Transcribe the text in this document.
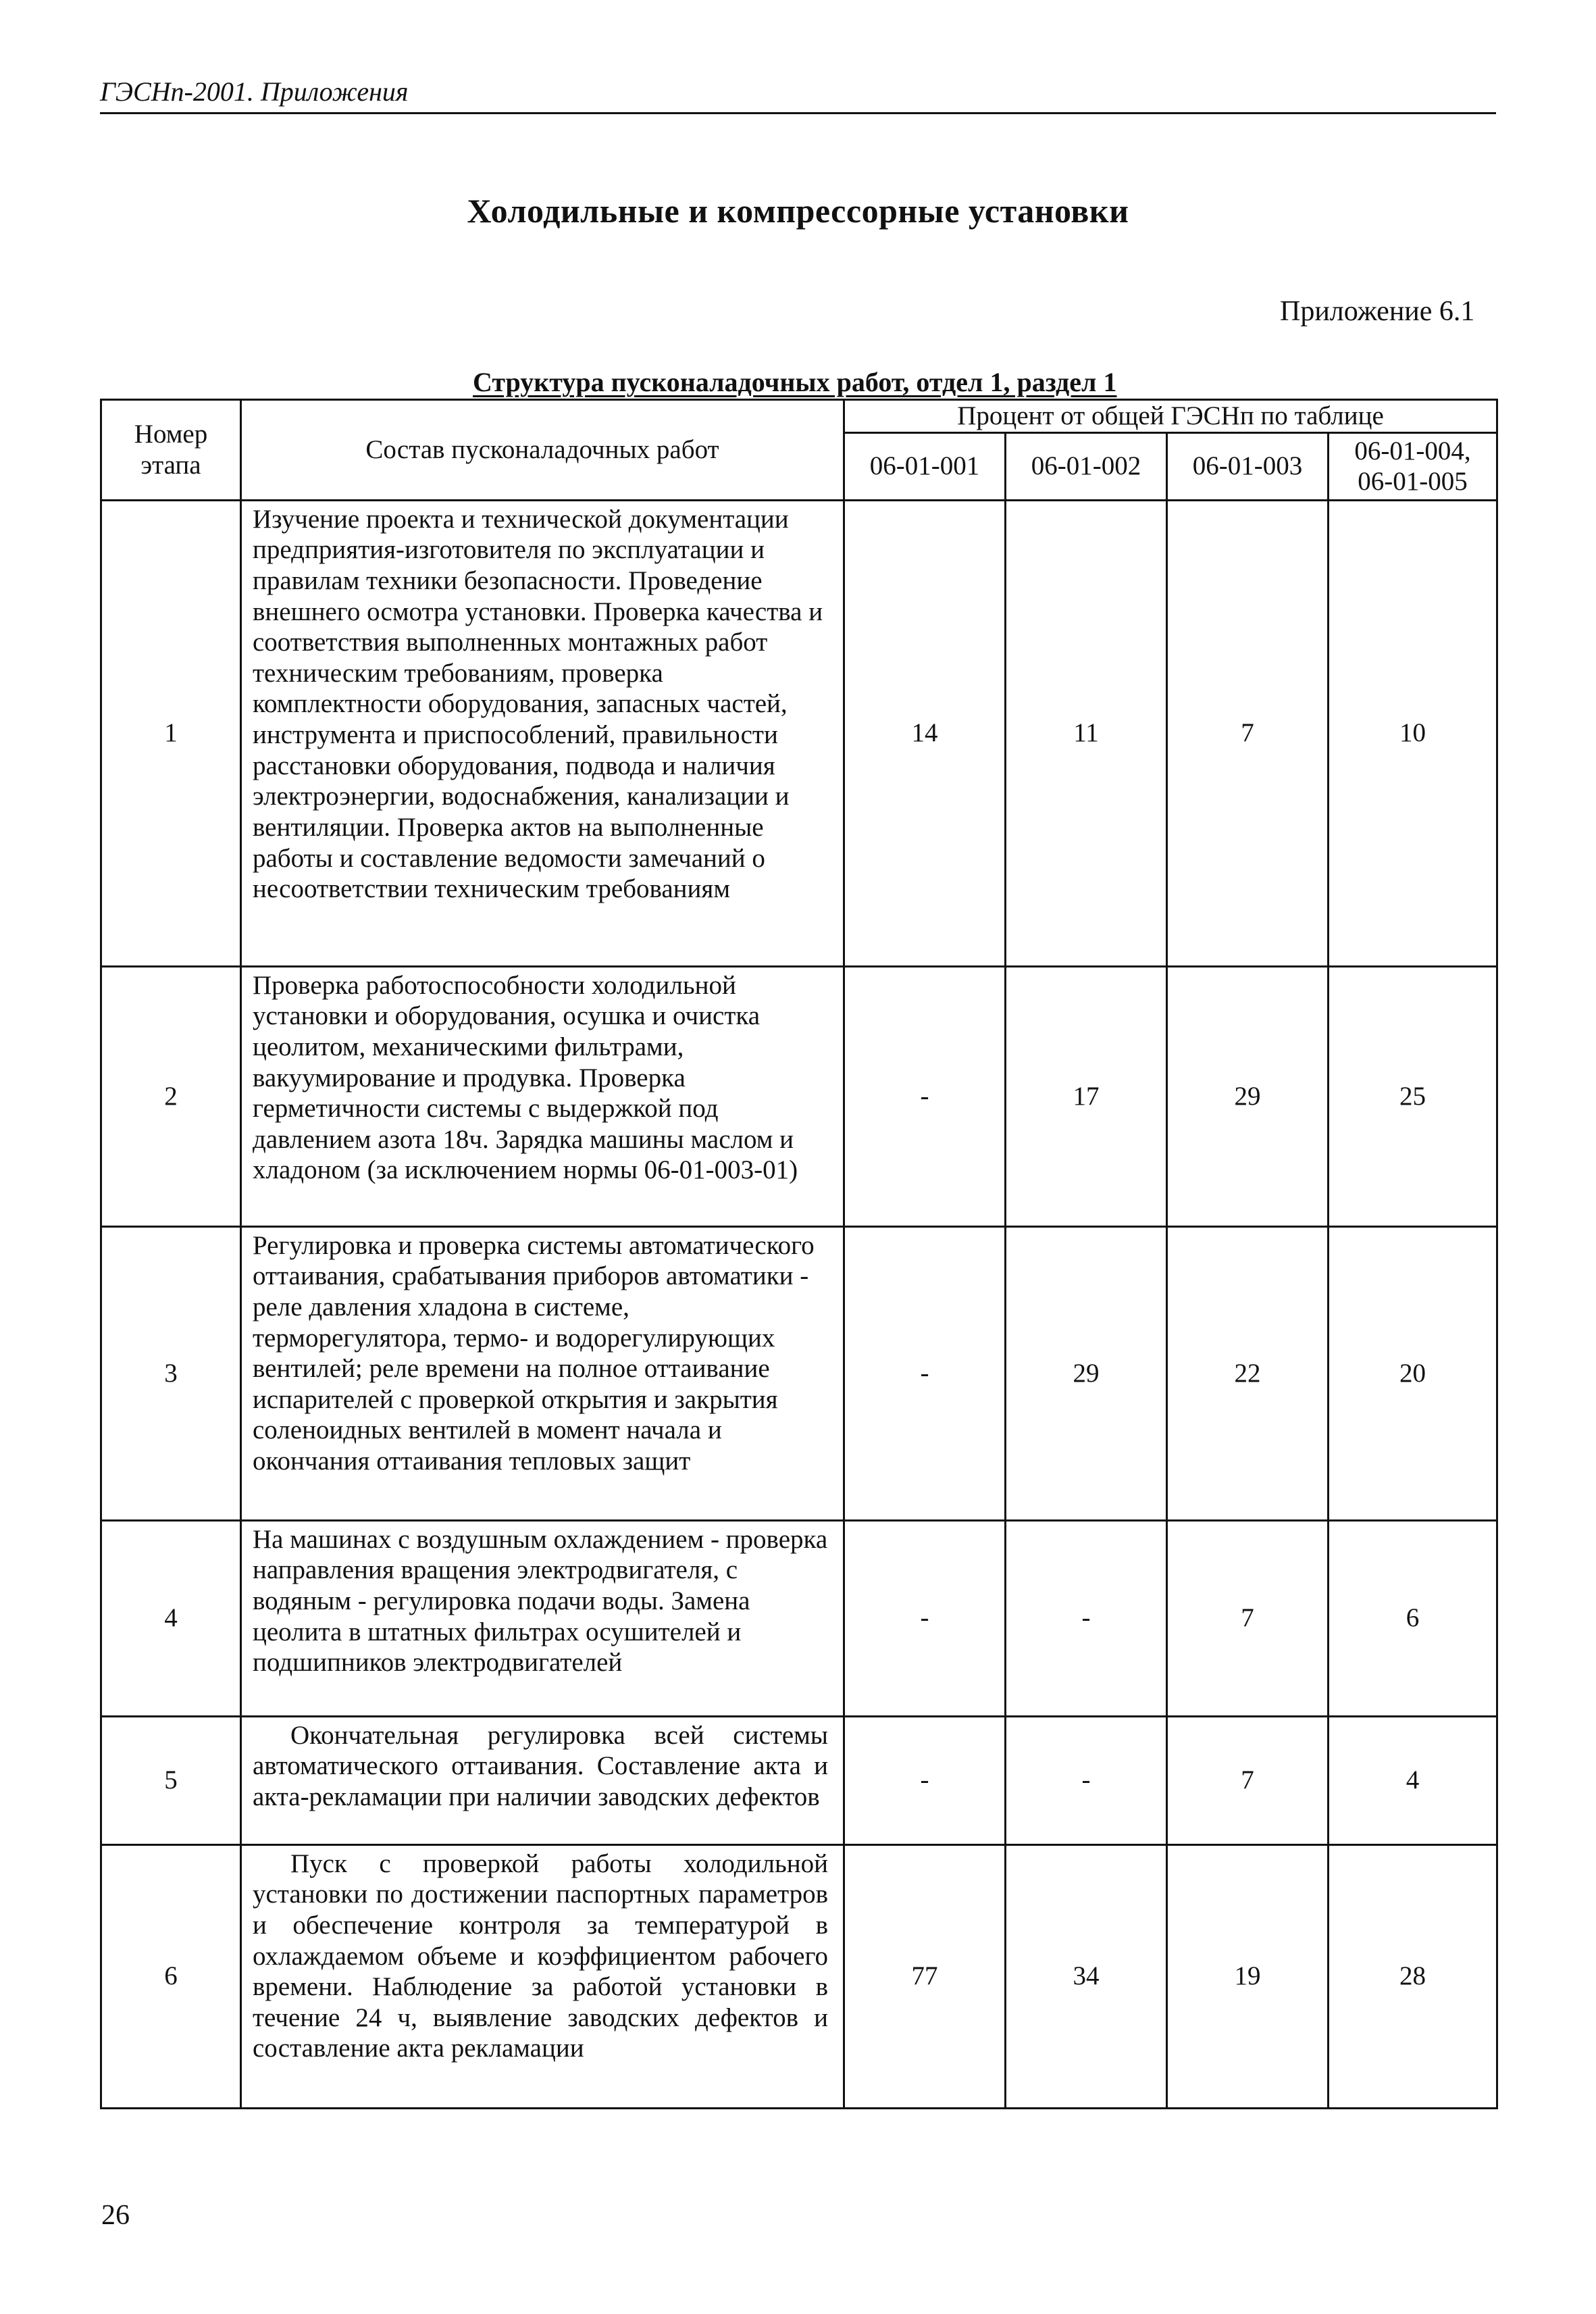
ГЭСНп-2001. Приложения
Холодильные и компрессорные установки
Приложение 6.1
Структура пусконаладочных работ, отдел 1, раздел 1
Номер этапа	Состав пусконаладочных работ	Процент от общей ГЭСНп по таблице			
		06-01-001	06-01-002	06-01-003	06-01-004, 06-01-005
1	Изучение проекта и технической документации предприятия-изготовителя по эксплуатации и правилам техники безопасности. Проведение внешнего осмотра установки. Проверка качества и соответствия выполненных монтажных работ техническим требованиям, проверка комплектности оборудования, запасных частей, инструмента и приспособлений, правильности расстановки оборудования, подвода и наличия электроэнергии, водоснабжения, канализации и вентиляции. Проверка актов на выполненные работы и составление ведомости замечаний о несоответствии техническим требованиям	14	11	7	10
2	Проверка работоспособности холодильной установки и оборудования, осушка и очистка цеолитом, механическими фильтрами, вакуумирование и продувка. Проверка герметичности системы с выдержкой под давлением азота 18ч. Зарядка машины маслом и хладоном (за исключением нормы 06-01-003-01)	-	17	29	25
3	Регулировка и проверка системы автоматического оттаивания, срабатывания приборов автоматики - реле давления хладона в системе, терморегулятора, термо- и водорегулирующих вентилей; реле времени на полное оттаивание испарителей с проверкой открытия и закрытия соленоидных вентилей в момент начала и окончания оттаивания тепловых защит	-	29	22	20
4	На машинах с воздушным охлаждением - проверка направления вращения электродвигателя, с водяным - регулировка подачи воды. Замена цеолита в штатных фильтрах осушителей и подшипников электродвигателей	-	-	7	6
5	Окончательная регулировка всей системы автоматического оттаивания. Составление акта и акта-рекламации при наличии заводских дефектов	-	-	7	4
6	Пуск с проверкой работы холодильной установки по достижении паспортных параметров и обеспечение контроля за температурой в охлаждаемом объеме и коэффициентом рабочего времени. Наблюдение за работой установки в течение 24 ч, выявление заводских дефектов и составление акта рекламации	77	34	19	28
26
